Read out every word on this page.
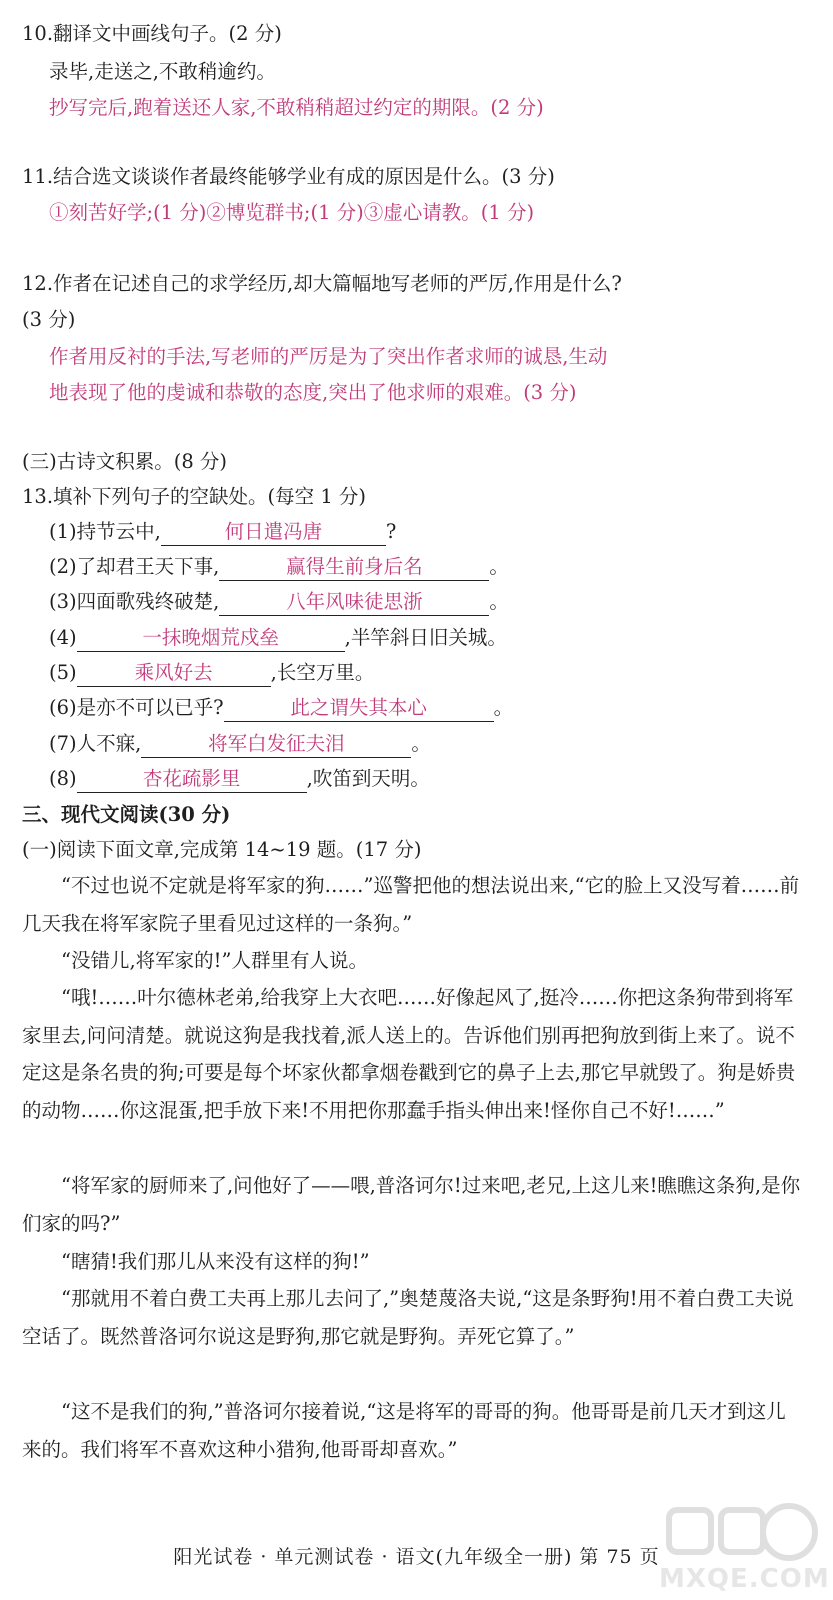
10.翻译文中画线句子。(2 分)
录毕,走送之,不敢稍逾约。
抄写完后,跑着送还人家,不敢稍稍超过约定的期限。(2 分)
11.结合选文谈谈作者最终能够学业有成的原因是什么。(3 分)
①刻苦好学;(1 分)②博览群书;(1 分)③虚心请教。(1 分)
12.作者在记述自己的求学经历,却大篇幅地写老师的严厉,作用是什么?
(3 分)
作者用反衬的手法,写老师的严厉是为了突出作者求师的诚恳,生动
地表现了他的虔诚和恭敬的态度,突出了他求师的艰难。(3 分)
(三)古诗文积累。(8 分)
13.填补下列句子的空缺处。(每空 1 分)
(1)持节云中,	何日遣冯唐	?
(2)了却君王天下事,	赢得生前身后名	。
(3)四面歌残终破楚,	八年风味徒思浙	。
(4)	一抹晚烟荒戍垒	,半竿斜日旧关城。
(5)	乘风好去	,长空万里。
(6)是亦不可以已乎?	此之谓失其本心	。
(7)人不寐,	将军白发征夫泪	。
(8)	杏花疏影里	,吹笛到天明。
三、现代文阅读(30 分)
(一)阅读下面文章,完成第 14~19 题。(17 分)
“不过也说不定就是将军家的狗……”巡警把他的想法说出来,“它的脸上又没写着……前几天我在将军家院子里看见过这样的一条狗。”
“没错儿,将军家的!”人群里有人说。
“哦!……叶尔德林老弟,给我穿上大衣吧……好像起风了,挺冷……你把这条狗带到将军家里去,问问清楚。就说这狗是我找着,派人送上的。告诉他们别再把狗放到街上来了。说不定这是条名贵的狗;可要是每个坏家伙都拿烟卷戳到它的鼻子上去,那它早就毁了。狗是娇贵的动物……你这混蛋,把手放下来!不用把你那蠢手指头伸出来!怪你自己不好!……”
“将军家的厨师来了,问他好了——喂,普洛诃尔!过来吧,老兄,上这儿来!瞧瞧这条狗,是你们家的吗?”
“瞎猜!我们那儿从来没有这样的狗!”
“那就用不着白费工夫再上那儿去问了,”奥楚蔑洛夫说,“这是条野狗!用不着白费工夫说空话了。既然普洛诃尔说这是野狗,那它就是野狗。弄死它算了。”
“这不是我们的狗,”普洛诃尔接着说,“这是将军的哥哥的狗。他哥哥是前几天才到这儿来的。我们将军不喜欢这种小猎狗,他哥哥却喜欢。”
阳光试卷 · 单元测试卷 · 语文(九年级全一册) 第 75 页
MXQE.COM
